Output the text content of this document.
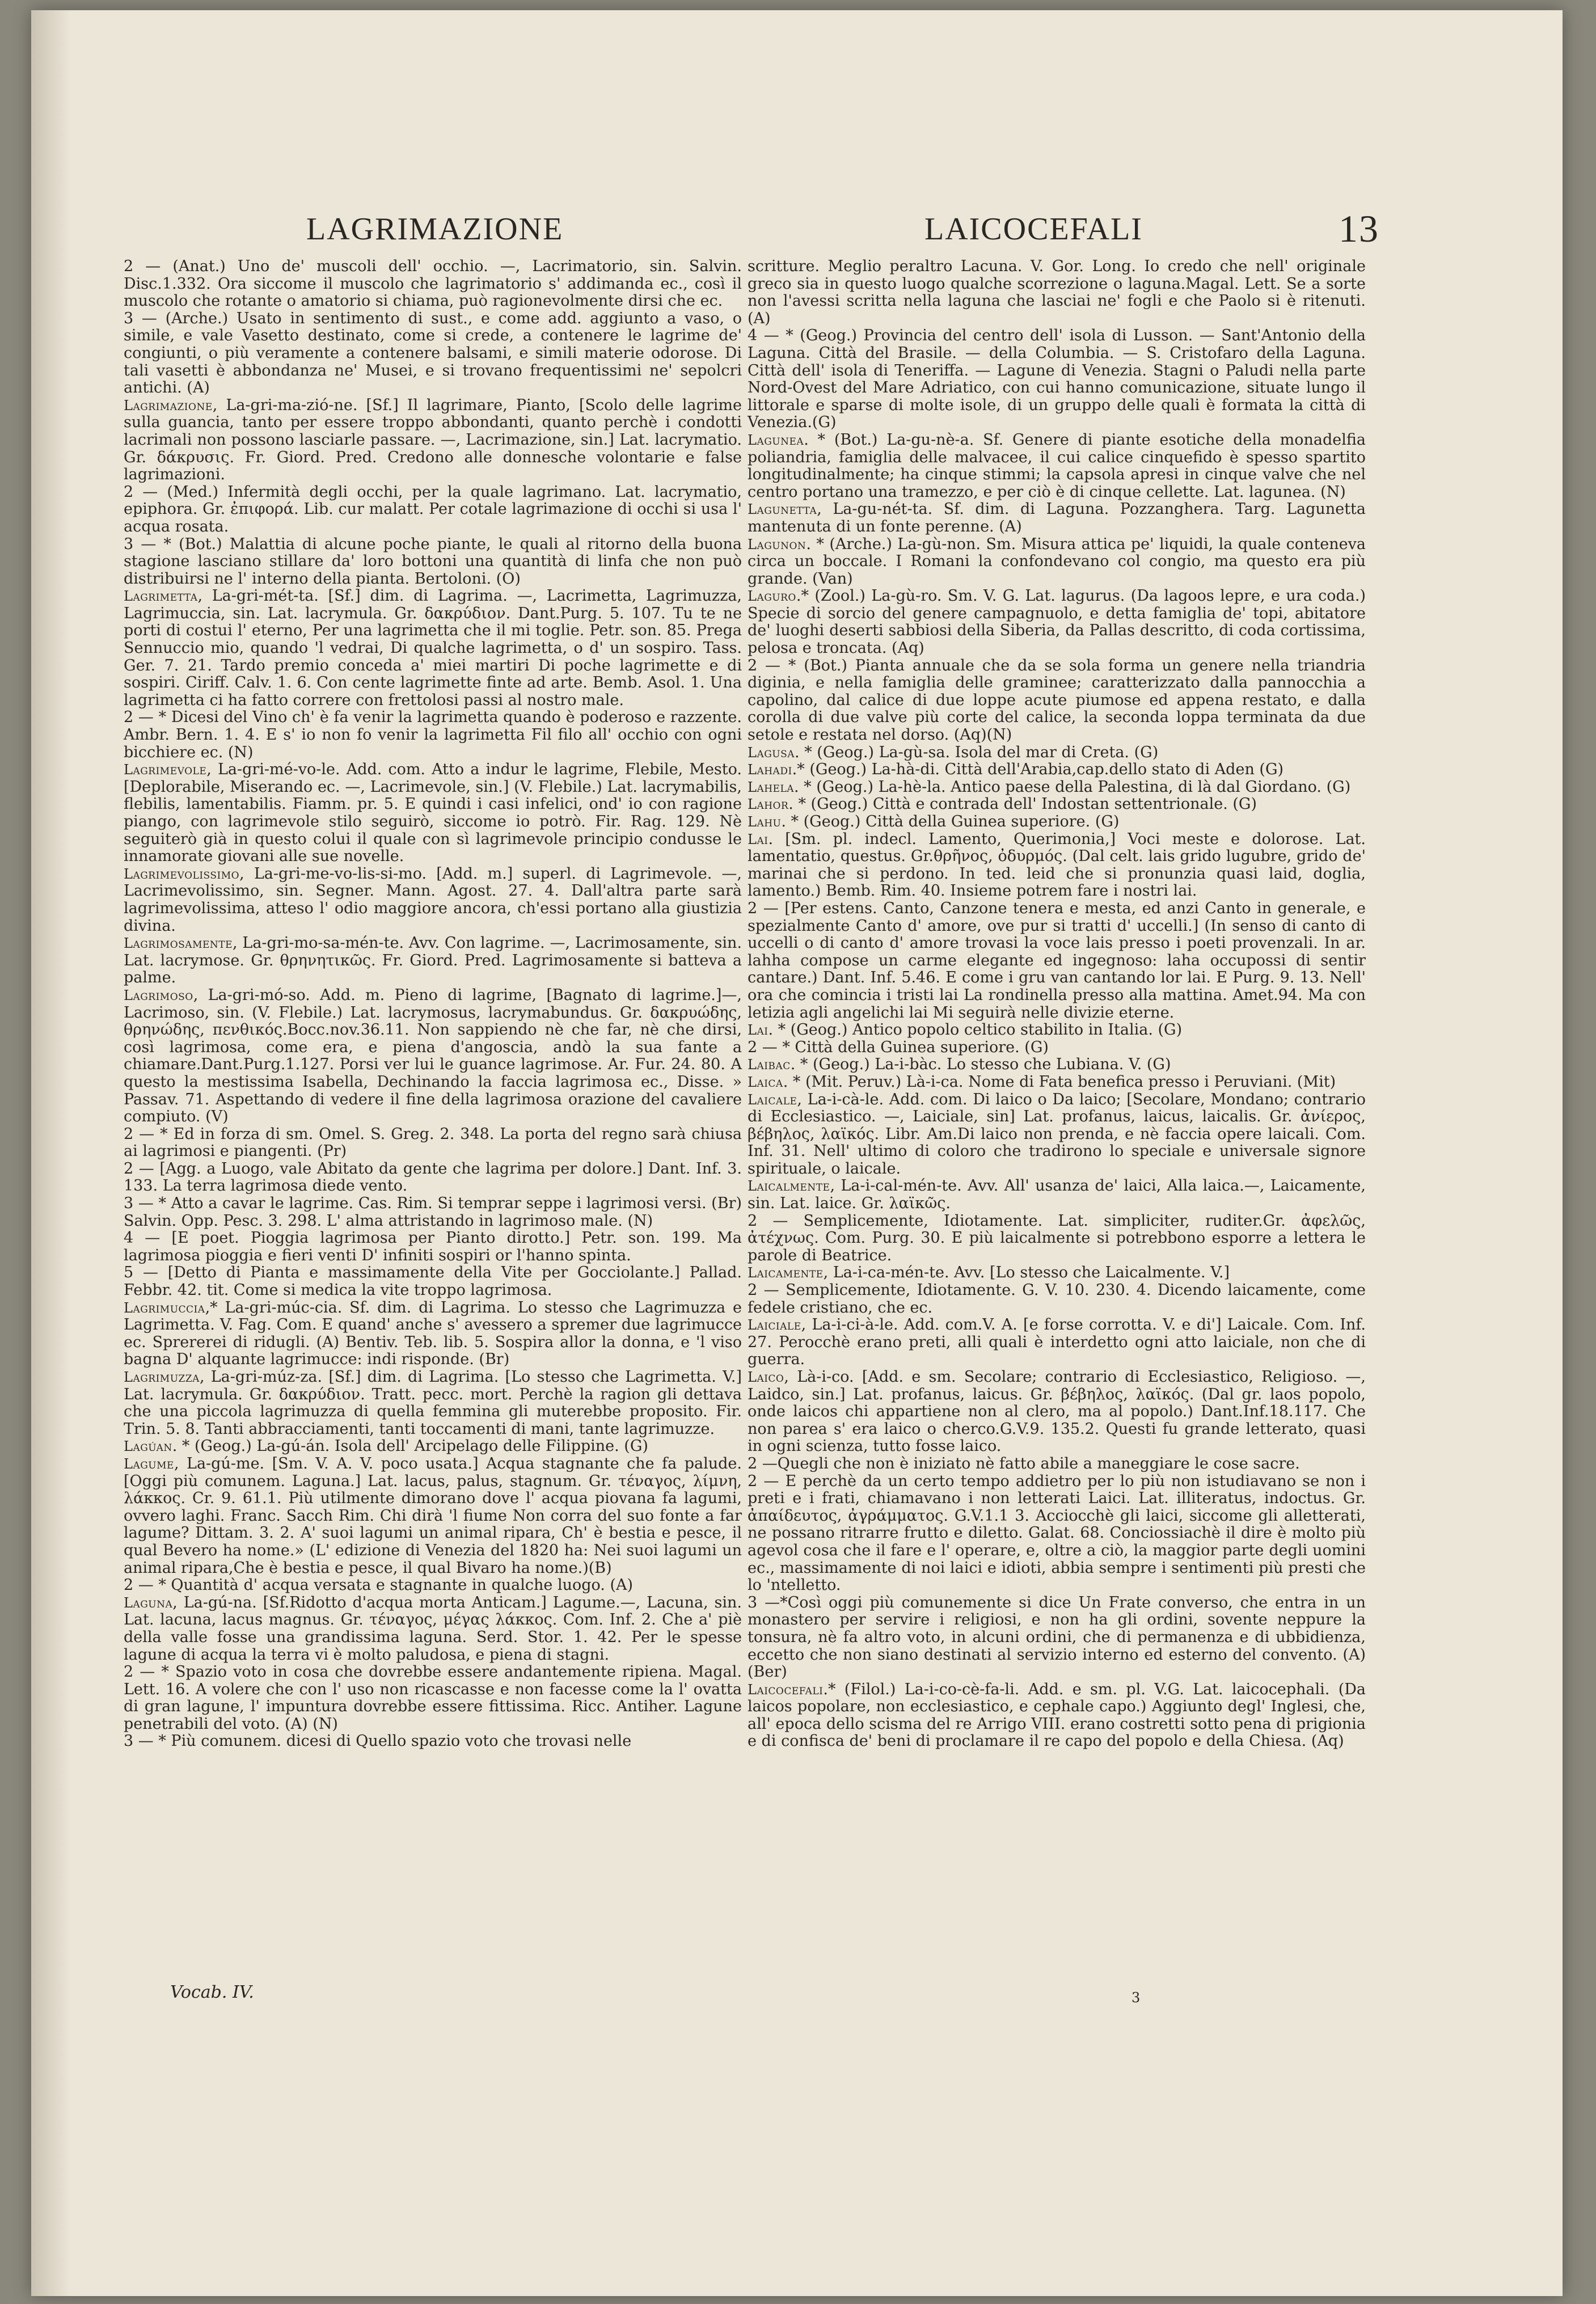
LAGRIMAZIONE	LAICOCEFALI	13

2 — (Anat.) Uno de' muscoli dell' occhio. —, Lacrimatorio, sin. Salvin. Disc.1.332. Ora siccome il muscolo che lagrimatorio s' addimanda ec., così il muscolo che rotante o amatorio si chiama, può ragionevolmente dirsi che ec.

3 — (Arche.) Usato in sentimento di sust., e come add. aggiunto a vaso, o simile, e vale Vasetto destinato, come si crede, a contenere le lagrime de' congiunti, o più veramente a contenere balsami, e simili materie odorose. Di tali vasetti è abbondanza ne' Musei, e si trovano frequentissimi ne' sepolcri antichi. (A)

Lagrimazione, La-gri-ma-zió-ne. [Sf.] Il lagrimare, Pianto, [Scolo delle lagrime sulla guancia, tanto per essere troppo abbondanti, quanto perchè i condotti lacrimali non possono lasciarle passare. —, Lacrimazione, sin.] Lat. lacrymatio. Gr. δάκρυσις. Fr. Giord. Pred. Credono alle donnesche volontarie e false lagrimazioni.

2 — (Med.) Infermità degli occhi, per la quale lagrimano. Lat. lacrymatio, epiphora. Gr. ἐπιφορά. Lib. cur malatt. Per cotale lagrimazione di occhi si usa l' acqua rosata.

3 — * (Bot.) Malattia di alcune poche piante, le quali al ritorno della buona stagione lasciano stillare da' loro bottoni una quantità di linfa che non può distribuirsi ne l' interno della pianta. Bertoloni. (O)

Lagrimetta, La-gri-mét-ta. [Sf.] dim. di Lagrima. —, Lacrimetta, Lagrimuzza, Lagrimuccia, sin. Lat. lacrymula. Gr. δακρύδιον. Dant.Purg. 5. 107. Tu te ne porti di costui l' eterno, Per una lagrimetta che il mi toglie. Petr. son. 85. Prega Sennuccio mio, quando 'l vedrai, Di qualche lagrimetta, o d' un sospiro. Tass. Ger. 7. 21. Tardo premio conceda a' miei martiri Di poche lagrimette e di sospiri. Ciriff. Calv. 1. 6. Con cente lagrimette finte ad arte. Bemb. Asol. 1. Una lagrimetta ci ha fatto correre con frettolosi passi al nostro male.

2 — * Dicesi del Vino ch' è fa venir la lagrimetta quando è poderoso e razzente. Ambr. Bern. 1. 4. E s' io non fo venir la lagrimetta Fil filo all' occhio con ogni bicchiere ec. (N)

Lagrimevole, La-gri-mé-vo-le. Add. com. Atto a indur le lagrime, Flebile, Mesto. [Deplorabile, Miserando ec. —, Lacrimevole, sin.] (V. Flebile.) Lat. lacrymabilis, flebilis, lamentabilis. Fiamm. pr. 5. E quindi i casi infelici, ond' io con ragione piango, con lagrimevole stilo seguirò, siccome io potrò. Fir. Rag. 129. Nè seguiterò già in questo colui il quale con sì lagrimevole principio condusse le innamorate giovani alle sue novelle.

Lagrimevolissimo, La-gri-me-vo-lis-si-mo. [Add. m.] superl. di Lagrimevole. —, Lacrimevolissimo, sin. Segner. Mann. Agost. 27. 4. Dall'altra parte sarà lagrimevolissima, atteso l' odio maggiore ancora, ch'essi portano alla giustizia divina.

Lagrimosamente, La-gri-mo-sa-mén-te. Avv. Con lagrime. —, Lacrimosamente, sin. Lat. lacrymose. Gr. θρηνητικῶς. Fr. Giord. Pred. Lagrimosamente si batteva a palme.

Lagrimoso, La-gri-mó-so. Add. m. Pieno di lagrime, [Bagnato di lagrime.]—, Lacrimoso, sin. (V. Flebile.) Lat. lacrymosus, lacrymabundus. Gr. δακρυώδης, θρηνώδης, πενθικός.Bocc.nov.36.11. Non sappiendo nè che far, nè che dirsi, così lagrimosa, come era, e piena d'angoscia, andò la sua fante a chiamare.Dant.Purg.1.127. Porsi ver lui le guance lagrimose. Ar. Fur. 24. 80. A questo la mestissima Isabella, Dechinando la faccia lagrimosa ec., Disse. » Passav. 71. Aspettando di vedere il fine della lagrimosa orazione del cavaliere compiuto. (V)

2 — * Ed in forza di sm. Omel. S. Greg. 2. 348. La porta del regno sarà chiusa ai lagrimosi e piangenti. (Pr)

2 — [Agg. a Luogo, vale Abitato da gente che lagrima per dolore.] Dant. Inf. 3. 133. La terra lagrimosa diede vento.

3 — * Atto a cavar le lagrime. Cas. Rim. Si temprar seppe i lagrimosi versi. (Br) Salvin. Opp. Pesc. 3. 298. L' alma attristando in lagrimoso male. (N)

4 — [E poet. Pioggia lagrimosa per Pianto dirotto.] Petr. son. 199. Ma lagrimosa pioggia e fieri venti D' infiniti sospiri or l'hanno spinta.

5 — [Detto di Pianta e massimamente della Vite per Gocciolante.] Pallad. Febbr. 42. tit. Come si medica la vite troppo lagrimosa.

Lagrimuccia,* La-gri-múc-cia. Sf. dim. di Lagrima. Lo stesso che Lagrimuzza e Lagrimetta. V. Fag. Com. E quand' anche s' avessero a spremer due lagrimucce ec. Sprererei di ridugli. (A) Bentiv. Teb. lib. 5. Sospira allor la donna, e 'l viso bagna D' alquante lagrimucce: indi risponde. (Br)

Lagrimuzza, La-gri-múz-za. [Sf.] dim. di Lagrima. [Lo stesso che Lagrimetta. V.] Lat. lacrymula. Gr. δακρύδιον. Tratt. pecc. mort. Perchè la ragion gli dettava che una piccola lagrimuzza di quella femmina gli muterebbe proposito. Fir. Trin. 5. 8. Tanti abbracciamenti, tanti toccamenti di mani, tante lagrimuzze.

Lagúan. * (Geog.) La-gú-án. Isola dell' Arcipelago delle Filippine. (G)

Lagume, La-gú-me. [Sm. V. A. V. poco usata.] Acqua stagnante che fa palude. [Oggi più comunem. Laguna.] Lat. lacus, palus, stagnum. Gr. τέναγος, λίμνη, λάκκος. Cr. 9. 61.1. Più utilmente dimorano dove l' acqua piovana fa lagumi, ovvero laghi. Franc. Sacch Rim. Chi dirà 'l fiume Non corra del suo fonte a far lagume? Dittam. 3. 2. A' suoi lagumi un animal ripara, Ch' è bestia e pesce, il qual Bevero ha nome.» (L' edizione di Venezia del 1820 ha: Nei suoi lagumi un animal ripara,Che è bestia e pesce, il qual Bivaro ha nome.)(B)

2 — * Quantità d' acqua versata e stagnante in qualche luogo. (A)

Laguna, La-gú-na. [Sf.Ridotto d'acqua morta Anticam.] Lagume.—, Lacuna, sin. Lat. lacuna, lacus magnus. Gr. τέναγος, μέγας λάκκος. Com. Inf. 2. Che a' piè della valle fosse una grandissima laguna. Serd. Stor. 1. 42. Per le spesse lagune di acqua la terra vi è molto paludosa, e piena di stagni.

2 — * Spazio voto in cosa che dovrebbe essere andantemente ripiena. Magal. Lett. 16. A volere che con l' uso non ricascasse e non facesse come la l' ovatta di gran lagune, l' impuntura dovrebbe essere fittissima. Ricc. Antiher. Lagune penetrabili del voto. (A) (N)

3 — * Più comunem. dicesi di Quello spazio voto che trovasi nelle

scritture. Meglio peraltro Lacuna. V. Gor. Long. Io credo che nell' originale greco sia in questo luogo qualche scorrezione o laguna.Magal. Lett. Se a sorte non l'avessi scritta nella laguna che lasciai ne' fogli e che Paolo si è ritenuti. (A)

4 — * (Geog.) Provincia del centro dell' isola di Lusson. — Sant'Antonio della Laguna. Città del Brasile. — della Columbia. — S. Cristofaro della Laguna. Città dell' isola di Teneriffa. — Lagune di Venezia. Stagni o Paludi nella parte Nord-Ovest del Mare Adriatico, con cui hanno comunicazione, situate lungo il littorale e sparse di molte isole, di un gruppo delle quali è formata la città di Venezia.(G)

Lagunea. * (Bot.) La-gu-nè-a. Sf. Genere di piante esotiche della monadelfia poliandria, famiglia delle malvacee, il cui calice cinquefido è spesso spartito longitudinalmente; ha cinque stimmi; la capsola apresi in cinque valve che nel centro portano una tramezzo, e per ciò è di cinque cellette. Lat. lagunea. (N)

Lagunetta, La-gu-nét-ta. Sf. dim. di Laguna. Pozzanghera. Targ. Lagunetta mantenuta di un fonte perenne. (A)

Lagunon. * (Arche.) La-gù-non. Sm. Misura attica pe' liquidi, la quale conteneva circa un boccale. I Romani la confondevano col congio, ma questo era più grande. (Van)

Laguro.* (Zool.) La-gù-ro. Sm. V. G. Lat. lagurus. (Da lagoos lepre, e ura coda.) Specie di sorcio del genere campagnuolo, e detta famiglia de' topi, abitatore de' luoghi deserti sabbiosi della Siberia, da Pallas descritto, di coda cortissima, pelosa e troncata. (Aq)

2 — * (Bot.) Pianta annuale che da se sola forma un genere nella triandria diginia, e nella famiglia delle graminee; caratterizzato dalla pannocchia a capolino, dal calice di due loppe acute piumose ed appena restato, e dalla corolla di due valve più corte del calice, la seconda loppa terminata da due setole e restata nel dorso. (Aq)(N)

Lagusa. * (Geog.) La-gù-sa. Isola del mar di Creta. (G)

Lahadi.* (Geog.) La-hà-di. Città dell'Arabia,cap.dello stato di Aden (G)

Lahela. * (Geog.) La-hè-la. Antico paese della Palestina, di là dal Giordano. (G)

Lahor. * (Geog.) Città e contrada dell' Indostan settentrionale. (G)

Lahu. * (Geog.) Città della Guinea superiore. (G)

Lai. [Sm. pl. indecl. Lamento, Querimonia,] Voci meste e dolorose. Lat. lamentatio, questus. Gr.θρῆνος, ὀδυρμός. (Dal celt. lais grido lugubre, grido de' marinai che si perdono. In ted. leid che si pronunzia quasi laid, doglia, lamento.) Bemb. Rim. 40. Insieme potrem fare i nostri lai.

2 — [Per estens. Canto, Canzone tenera e mesta, ed anzi Canto in generale, e spezialmente Canto d' amore, ove pur si tratti d' uccelli.] (In senso di canto di uccelli o di canto d' amore trovasi la voce lais presso i poeti provenzali. In ar. lahha compose un carme elegante ed ingegnoso: laha occupossi di sentir cantare.) Dant. Inf. 5.46. E come i gru van cantando lor lai. E Purg. 9. 13. Nell' ora che comincia i tristi lai La rondinella presso alla mattina. Amet.94. Ma con letizia agli angelichi lai Mi seguirà nelle divizie eterne.

Lai. * (Geog.) Antico popolo celtico stabilito in Italia. (G)

2 — * Città della Guinea superiore. (G)

Laibac. * (Geog.) La-i-bàc. Lo stesso che Lubiana. V. (G)

Laica. * (Mit. Peruv.) Là-i-ca. Nome di Fata benefica presso i Peruviani. (Mit)

Laicale, La-i-cà-le. Add. com. Di laico o Da laico; [Secolare, Mondano; contrario di Ecclesiastico. —, Laiciale, sin] Lat. profanus, laicus, laicalis. Gr. ἀνίερος, βέβηλος, λαϊκός. Libr. Am.Di laico non prenda, e nè faccia opere laicali. Com. Inf. 31. Nell' ultimo di coloro che tradirono lo speciale e universale signore spirituale, o laicale.

Laicalmente, La-i-cal-mén-te. Avv. All' usanza de' laici, Alla laica.—, Laicamente, sin. Lat. laice. Gr. λαϊκῶς.

2 — Semplicemente, Idiotamente. Lat. simpliciter, ruditer.Gr. ἀφελῶς, ἀτέχνως. Com. Purg. 30. E più laicalmente si potrebbono esporre a lettera le parole di Beatrice.

Laicamente, La-i-ca-mén-te. Avv. [Lo stesso che Laicalmente. V.]

2 — Semplicemente, Idiotamente. G. V. 10. 230. 4. Dicendo laicamente, come fedele cristiano, che ec.

Laiciale, La-i-ci-à-le. Add. com.V. A. [e forse corrotta. V. e di'] Laicale. Com. Inf. 27. Perocchè erano preti, alli quali è interdetto ogni atto laiciale, non che di guerra.

Laico, Là-i-co. [Add. e sm. Secolare; contrario di Ecclesiastico, Religioso. —, Laidco, sin.] Lat. profanus, laicus. Gr. βέβηλος, λαϊκός. (Dal gr. laos popolo, onde laicos chi appartiene non al clero, ma al popolo.) Dant.Inf.18.117. Che non parea s' era laico o cherco.G.V.9. 135.2. Questi fu grande letterato, quasi in ogni scienza, tutto fosse laico.

2 —Quegli che non è iniziato nè fatto abile a maneggiare le cose sacre.

2 — E perchè da un certo tempo addietro per lo più non istudiavano se non i preti e i frati, chiamavano i non letterati Laici. Lat. illiteratus, indoctus. Gr. ἀπαίδευτος, ἀγράμματος. G.V.1.1 3. Acciocchè gli laici, siccome gli alletterati, ne possano ritrarre frutto e diletto. Galat. 68. Conciossiachè il dire è molto più agevol cosa che il fare e l' operare, e, oltre a ciò, la maggior parte degli uomini ec., massimamente di noi laici e idioti, abbia sempre i sentimenti più presti che lo 'ntelletto.

3 —*Così oggi più comunemente si dice Un Frate converso, che entra in un monastero per servire i religiosi, e non ha gli ordini, sovente neppure la tonsura, nè fa altro voto, in alcuni ordini, che di permanenza e di ubbidienza, eccetto che non siano destinati al servizio interno ed esterno del convento. (A) (Ber)

Laicocefali.* (Filol.) La-i-co-cè-fa-li. Add. e sm. pl. V.G. Lat. laicocephali. (Da laicos popolare, non ecclesiastico, e cephale capo.) Aggiunto degl' Inglesi, che, all' epoca dello scisma del re Arrigo VIII. erano costretti sotto pena di prigionia e di confisca de' beni di proclamare il re capo del popolo e della Chiesa. (Aq)

Vocab. IV.	3
